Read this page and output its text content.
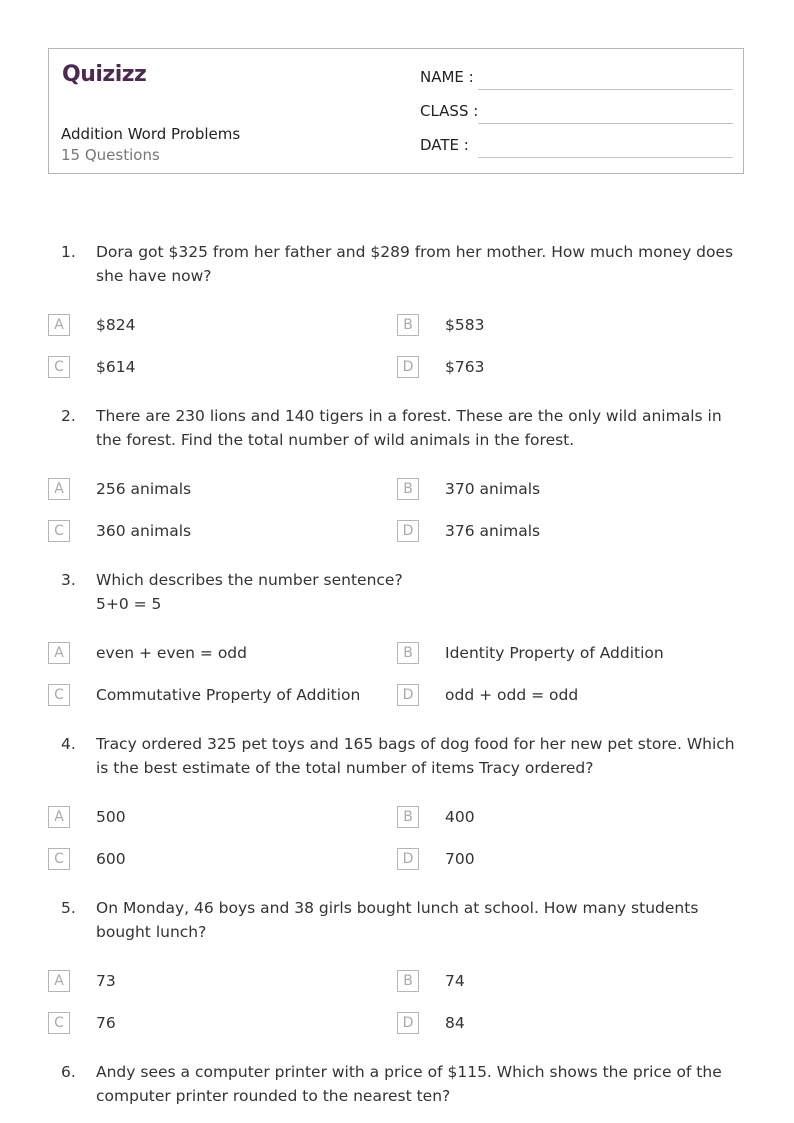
Quizizz
Addition Word Problems
15 Questions
NAME :
CLASS :
DATE :
1. Dora got $325 from her father and $289 from her mother. How much money does she have now?
A	$824	B	$583
C	$614	D	$763
2. There are 230 lions and 140 tigers in a forest. These are the only wild animals in the forest. Find the total number of wild animals in the forest.
A	256 animals	B	370 animals
C	360 animals	D	376 animals
3. Which describes the number sentence?
5+0 = 5
A	even + even = odd	B	Identity Property of Addition
C	Commutative Property of Addition	D	odd + odd = odd
4. Tracy ordered 325 pet toys and 165 bags of dog food for her new pet store. Which is the best estimate of the total number of items Tracy ordered?
A	500	B	400
C	600	D	700
5. On Monday, 46 boys and 38 girls bought lunch at school. How many students bought lunch?
A	73	B	74
C	76	D	84
6. Andy sees a computer printer with a price of $115. Which shows the price of the computer printer rounded to the nearest ten?
